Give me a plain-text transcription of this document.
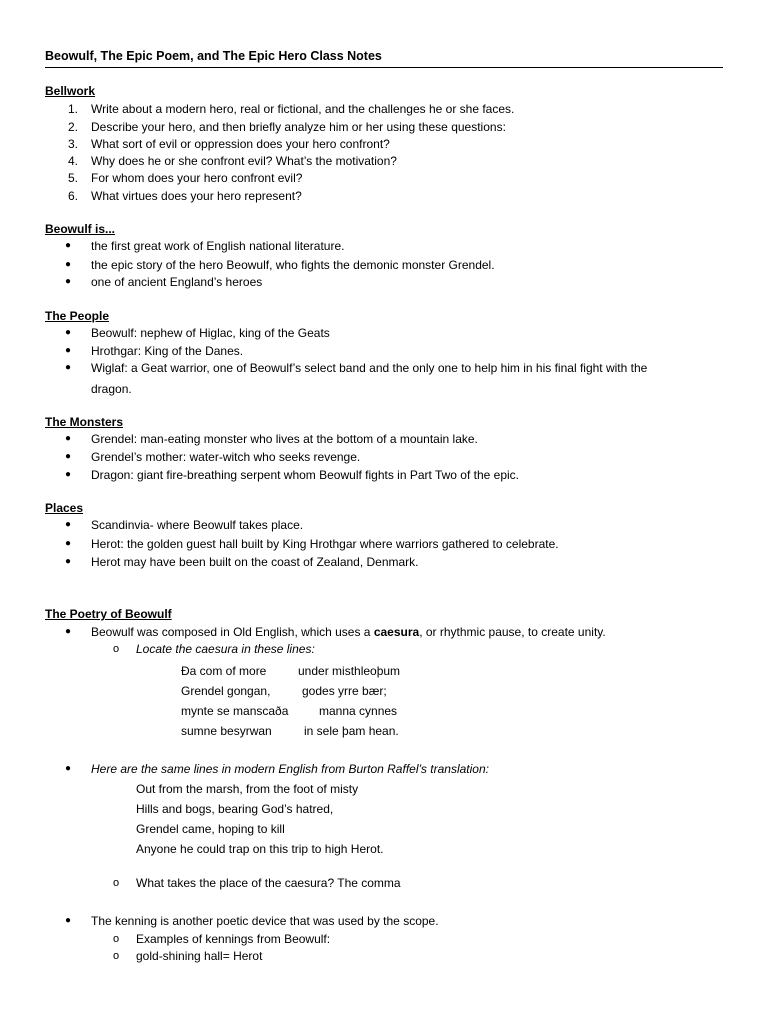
Beowulf, The Epic Poem, and The Epic Hero Class Notes
Bellwork
1. Write about a modern hero, real or fictional, and the challenges he or she faces.
2. Describe your hero, and then briefly analyze him or her using these questions:
3. What sort of evil or oppression does your hero confront?
4. Why does he or she confront evil? What’s the motivation?
5. For whom does your hero confront evil?
6. What virtues does your hero represent?
Beowulf is...
● the first great work of English national literature.
● the epic story of the hero Beowulf, who fights the demonic monster Grendel.
● one of ancient England’s heroes
The People
● Beowulf: nephew of Higlac, king of the Geats
● Hrothgar: King of the Danes.
● Wiglaf: a Geat warrior, one of Beowulf’s select band and the only one to help him in his final fight with the
dragon.
The Monsters
● Grendel: man-eating monster who lives at the bottom of a mountain lake.
● Grendel’s mother: water-witch who seeks revenge.
● Dragon: giant fire-breathing serpent whom Beowulf fights in Part Two of the epic.
Places
● Scandinvia- where Beowulf takes place.
● Herot: the golden guest hall built by King Hrothgar where warriors gathered to celebrate.
● Herot may have been built on the coast of Zealand, Denmark.
The Poetry of Beowulf
● Beowulf was composed in Old English, which uses a caesura, or rhythmic pause, to create unity.
o Locate the caesura in these lines:
Ða com of more	under misthleoþum
Grendel gongan,	godes yrre bær;
mynte se manscaða	manna cynnes
sumne besyrwan	in sele þam hean.
● Here are the same lines in modern English from Burton Raffel’s translation:
Out from the marsh, from the foot of misty
Hills and bogs, bearing God’s hatred,
Grendel came, hoping to kill
Anyone he could trap on this trip to high Herot.
o What takes the place of the caesura? The comma
● The kenning is another poetic device that was used by the scope.
o Examples of kennings from Beowulf:
o gold-shining hall= Herot
